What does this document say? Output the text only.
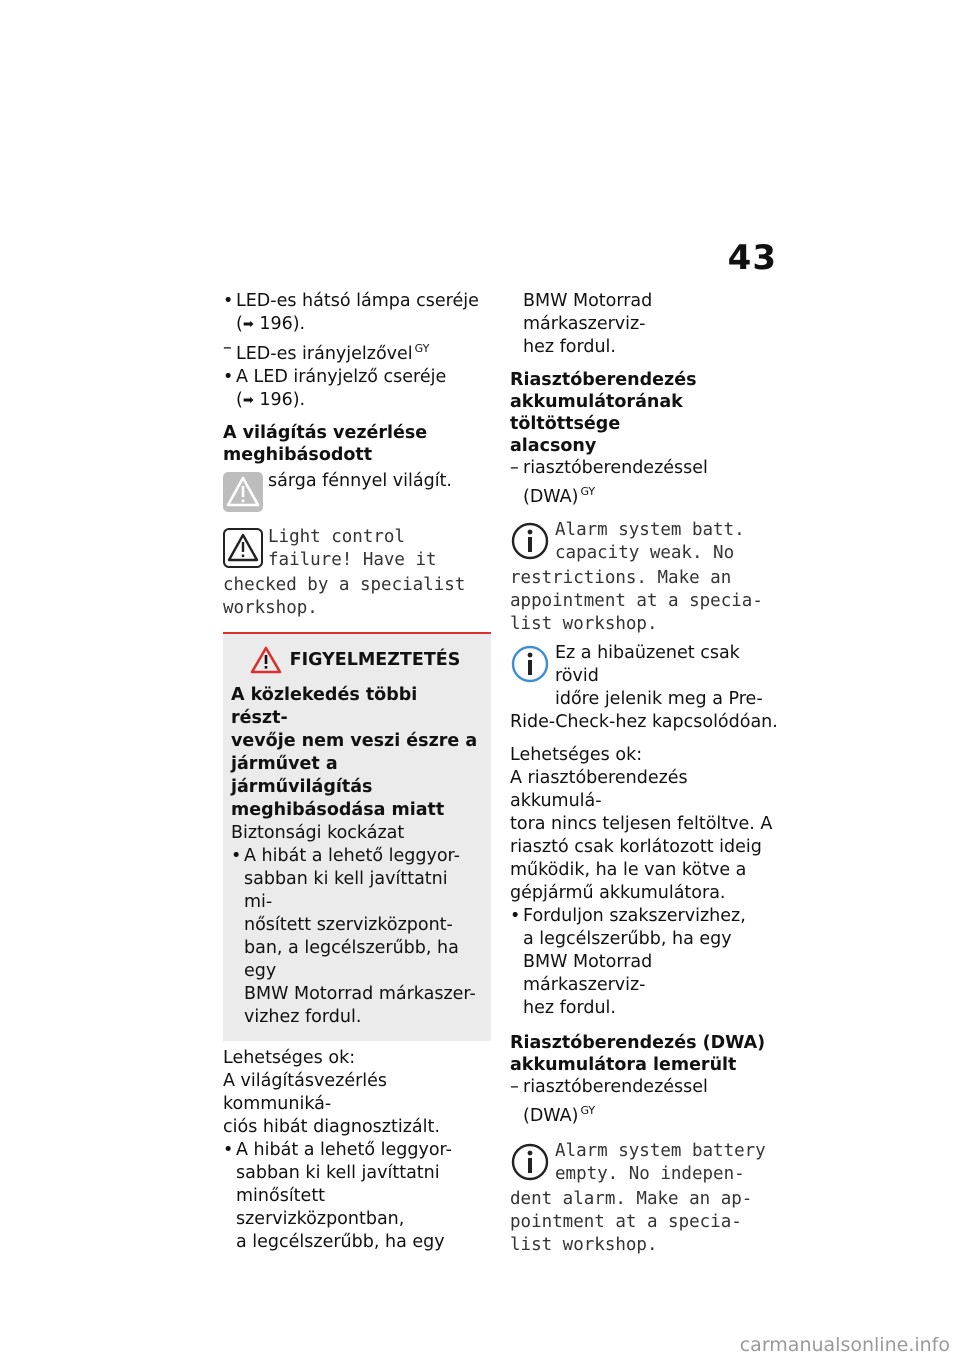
43
• LED-es hátsó lámpa cseréje
(➡ 196).
– LED-es irányjelzővel $^{GY}$
• A LED irányjelző cseréje
(➡ 196).
A világítás vezérlése
meghibásodott
sárga fénnyel világít.
Light control
failure! Have it
checked by a specialist
workshop.
FIGYELMEZTETÉS
A közlekedés többi részt-
vevője nem veszi észre a
járművet a járművilágítás
meghibásodása miatt
Biztonsági kockázat
• A hibát a lehető leggyor-
sabban ki kell javíttatni mi-
nősített szervizközpont-
ban, a legcélszerűbb, ha egy
BMW Motorrad márkaszer-
vizhez fordul.
Lehetséges ok:
A világításvezérlés kommuniká-
ciós hibát diagnosztizált.
• A hibát a lehető leggyor-
sabban ki kell javíttatni
minősített szervizközpontban,
a legcélszerűbb, ha egy
BMW Motorrad márkaszerviz-
hez fordul.
Riasztóberendezés
akkumulátorának töltöttsége
alacsony
– riasztóberendezéssel
(DWA) $^{GY}$
Alarm system batt.
capacity weak. No
restrictions. Make an
appointment at a specia-
list workshop.
Ez a hibaüzenet csak rövid
időre jelenik meg a Pre-
Ride-Check-hez kapcsolódóan.
Lehetséges ok:
A riasztóberendezés akkumulá-
tora nincs teljesen feltöltve. A
riasztó csak korlátozott ideig
működik, ha le van kötve a
gépjármű akkumulátora.
• Forduljon szakszervizhez,
a legcélszerűbb, ha egy
BMW Motorrad márkaszerviz-
hez fordul.
Riasztóberendezés (DWA)
akkumulátora lemerült
– riasztóberendezéssel
(DWA) $^{GY}$
Alarm system battery
empty. No indepen-
dent alarm. Make an ap-
pointment at a specia-
list workshop.
carmanualsonline.info
